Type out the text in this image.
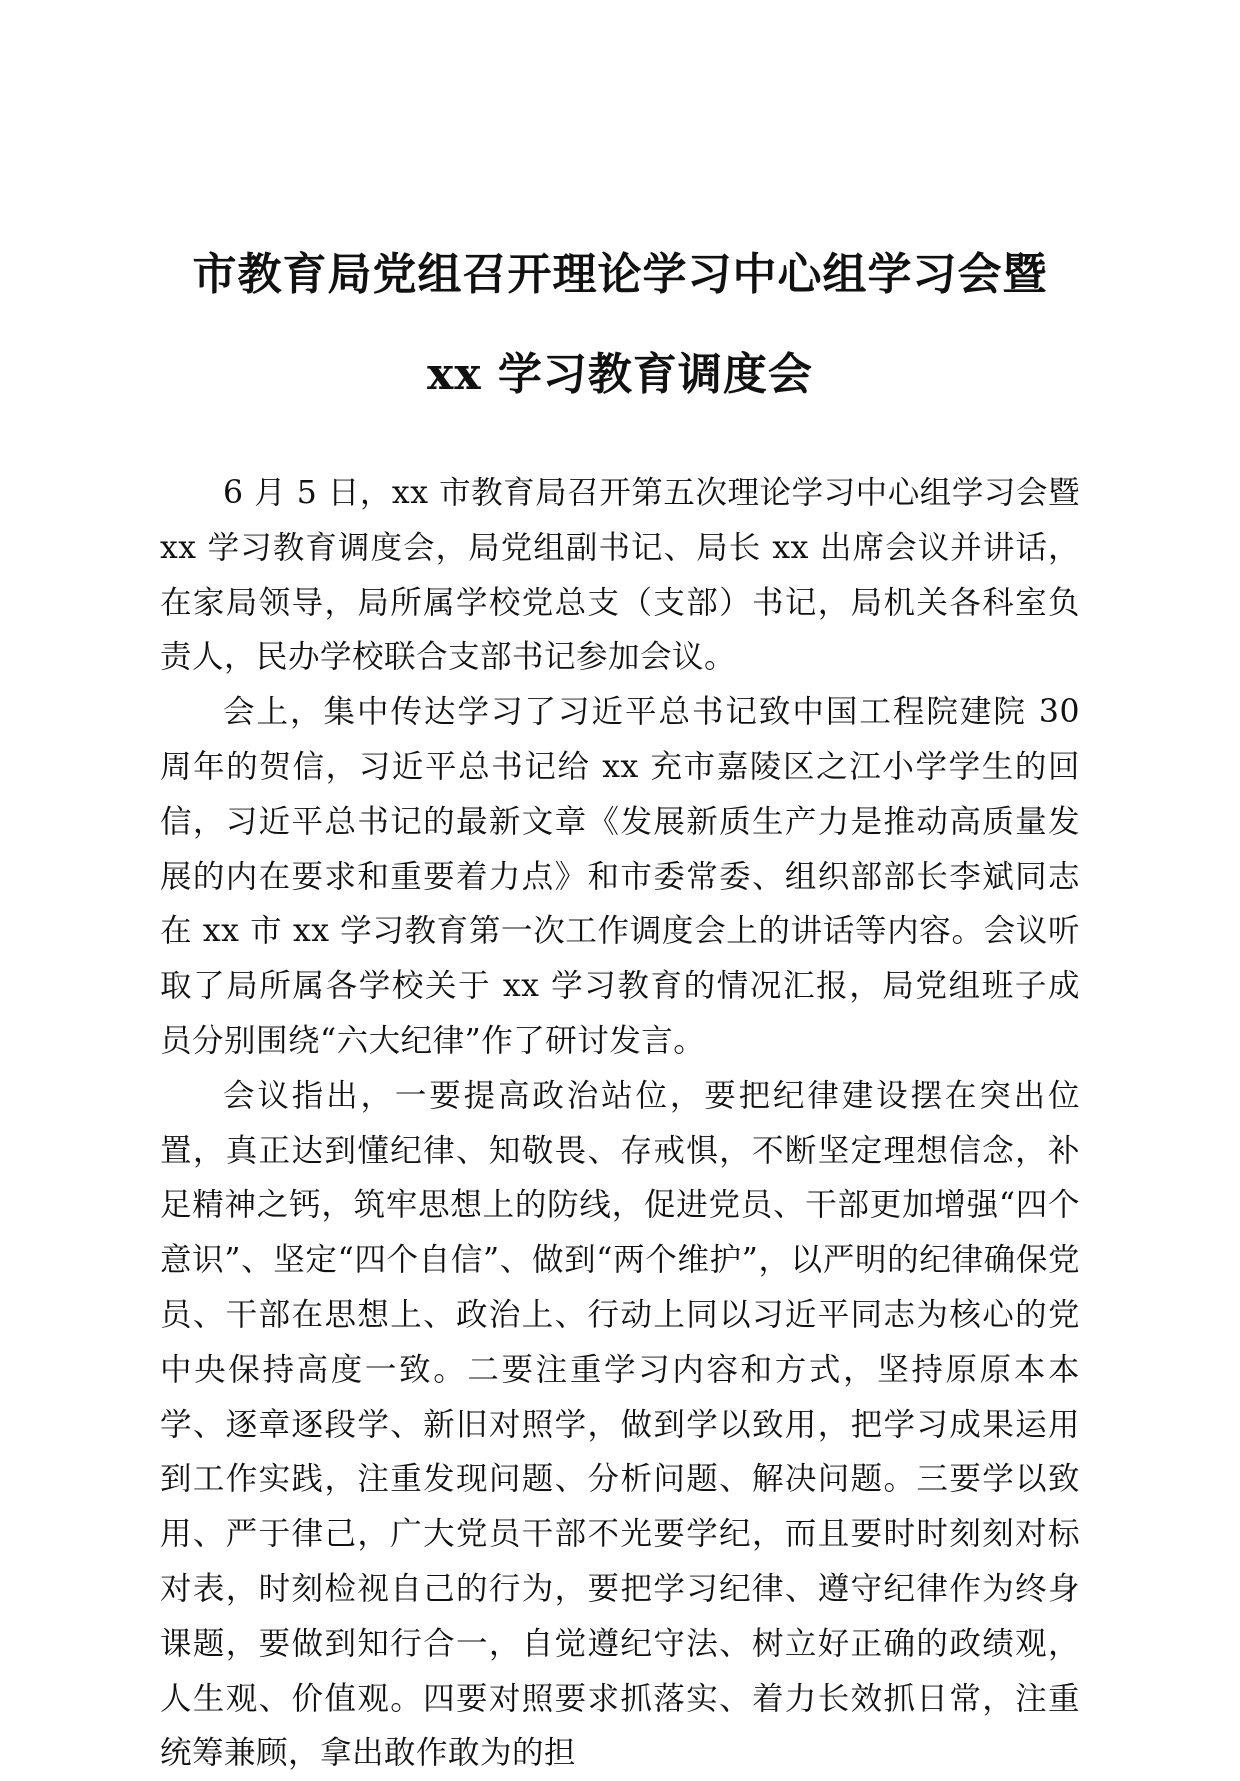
市教育局党组召开理论学习中心组学习会暨
xx 学习教育调度会

6 月 5 日，xx 市教育局召开第五次理论学习中心组学习会暨 xx 学习教育调度会，局党组副书记、局长 xx 出席会议并讲话，在家局领导，局所属学校党总支（支部）书记，局机关各科室负责人，民办学校联合支部书记参加会议。

会上，集中传达学习了习近平总书记致中国工程院建院 30 周年的贺信，习近平总书记给 xx 充市嘉陵区之江小学学生的回信，习近平总书记的最新文章《发展新质生产力是推动高质量发展的内在要求和重要着力点》和市委常委、组织部部长李斌同志在 xx 市 xx 学习教育第一次工作调度会上的讲话等内容。会议听取了局所属各学校关于 xx 学习教育的情况汇报，局党组班子成员分别围绕“六大纪律”作了研讨发言。

会议指出，一要提高政治站位，要把纪律建设摆在突出位置，真正达到懂纪律、知敬畏、存戒惧，不断坚定理想信念，补足精神之钙，筑牢思想上的防线，促进党员、干部更加增强“四个意识”、坚定“四个自信”、做到“两个维护”，以严明的纪律确保党员、干部在思想上、政治上、行动上同以习近平同志为核心的党中央保持高度一致。二要注重学习内容和方式，坚持原原本本学、逐章逐段学、新旧对照学，做到学以致用，把学习成果运用到工作实践，注重发现问题、分析问题、解决问题。三要学以致用、严于律己，广大党员干部不光要学纪，而且要时时刻刻对标对表，时刻检视自己的行为，要把学习纪律、遵守纪律作为终身课题，要做到知行合一，自觉遵纪守法、树立好正确的政绩观，人生观、价值观。四要对照要求抓落实、着力长效抓日常，注重统筹兼顾，拿出敢作敢为的担
